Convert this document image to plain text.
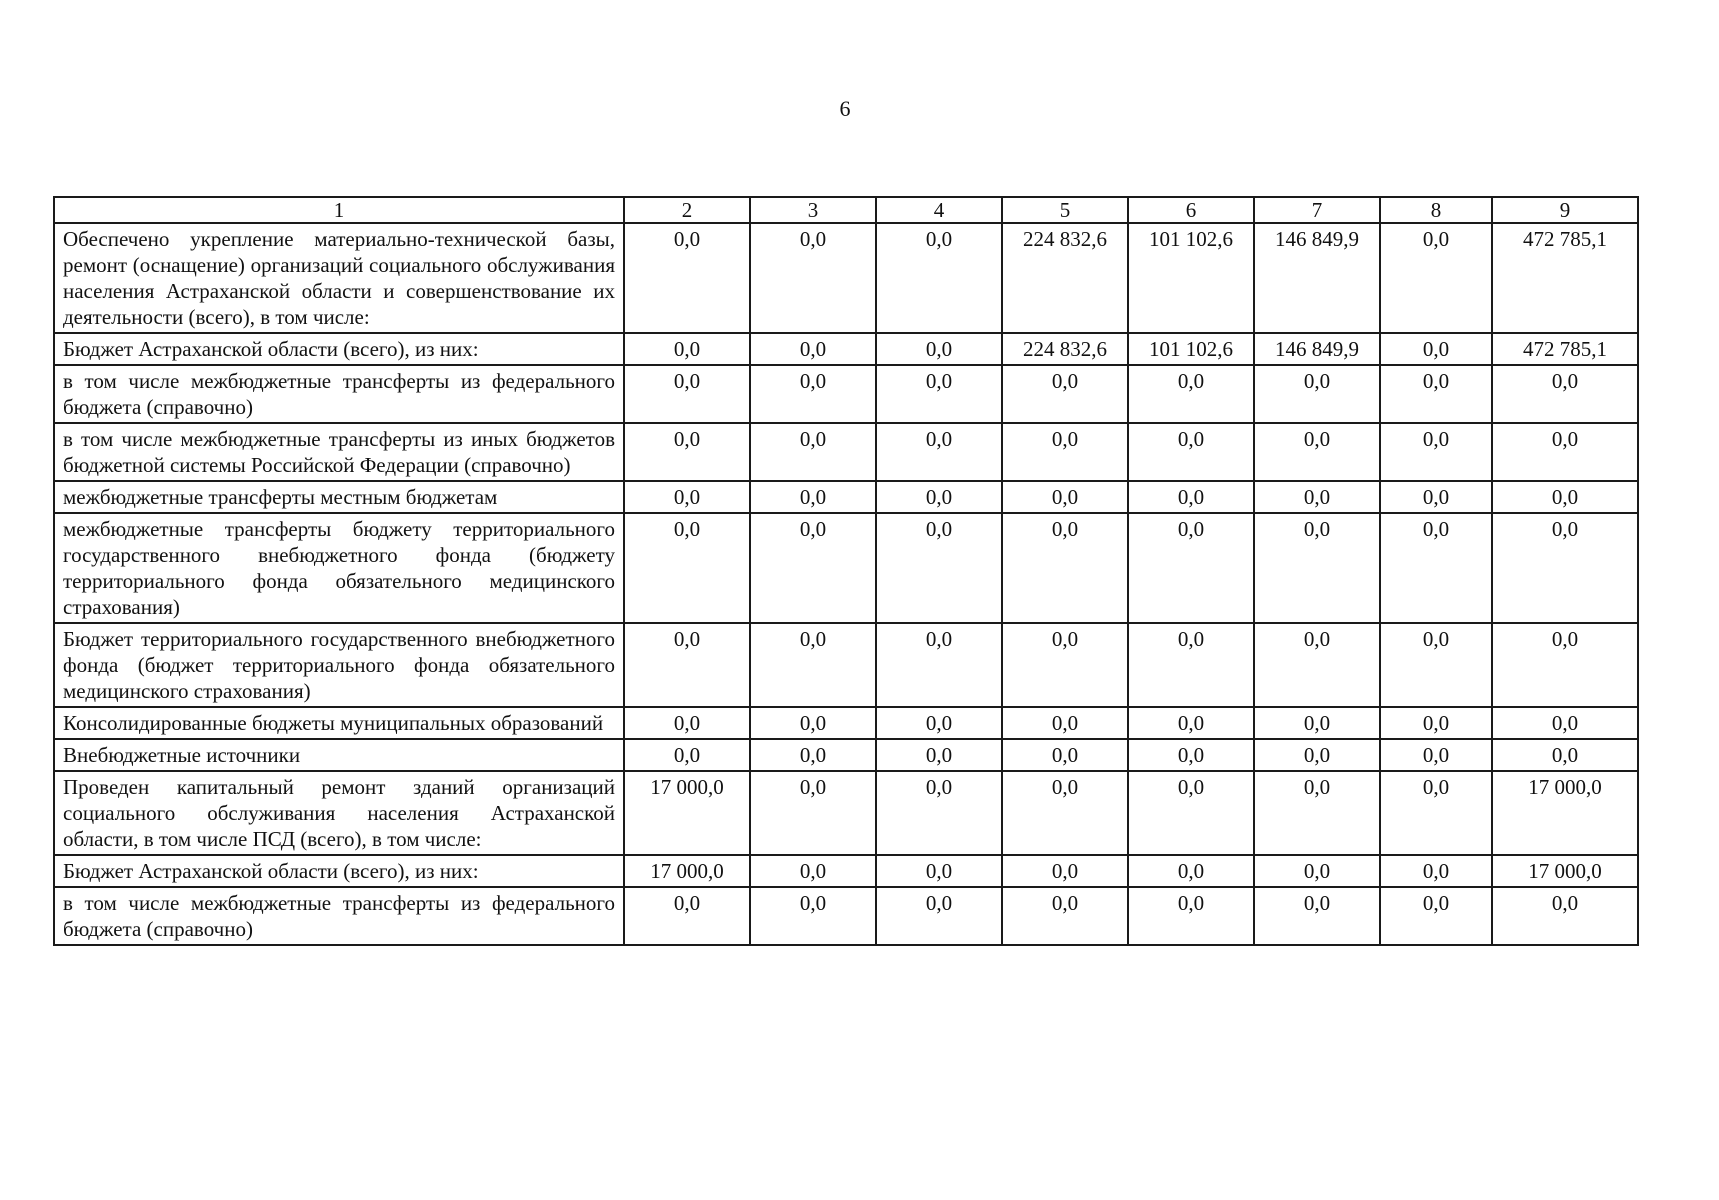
6
1	2	3	4	5	6	7	8	9
Обеспечено укрепление материально-технической базы, ремонт (оснащение) организаций социального обслуживания населения Астраханской области и совершенствование их деятельности (всего), в том числе:	0,0	0,0	0,0	224 832,6	101 102,6	146 849,9	0,0	472 785,1
Бюджет Астраханской области (всего), из них:	0,0	0,0	0,0	224 832,6	101 102,6	146 849,9	0,0	472 785,1
в том числе межбюджетные трансферты из федерального бюджета (справочно)	0,0	0,0	0,0	0,0	0,0	0,0	0,0	0,0
в том числе межбюджетные трансферты из иных бюджетов бюджетной системы Российской Федерации (справочно)	0,0	0,0	0,0	0,0	0,0	0,0	0,0	0,0
межбюджетные трансферты местным бюджетам	0,0	0,0	0,0	0,0	0,0	0,0	0,0	0,0
межбюджетные трансферты бюджету территориального государственного внебюджетного фонда (бюджету территориального фонда обязательного медицинского страхования)	0,0	0,0	0,0	0,0	0,0	0,0	0,0	0,0
Бюджет территориального государственного внебюджетного фонда (бюджет территориального фонда обязательного медицинского страхования)	0,0	0,0	0,0	0,0	0,0	0,0	0,0	0,0
Консолидированные бюджеты муниципальных образований	0,0	0,0	0,0	0,0	0,0	0,0	0,0	0,0
Внебюджетные источники	0,0	0,0	0,0	0,0	0,0	0,0	0,0	0,0
Проведен капитальный ремонт зданий организаций социального обслуживания населения Астраханской области, в том числе ПСД (всего), в том числе:	17 000,0	0,0	0,0	0,0	0,0	0,0	0,0	17 000,0
Бюджет Астраханской области (всего), из них:	17 000,0	0,0	0,0	0,0	0,0	0,0	0,0	17 000,0
в том числе межбюджетные трансферты из федерального бюджета (справочно)	0,0	0,0	0,0	0,0	0,0	0,0	0,0	0,0
